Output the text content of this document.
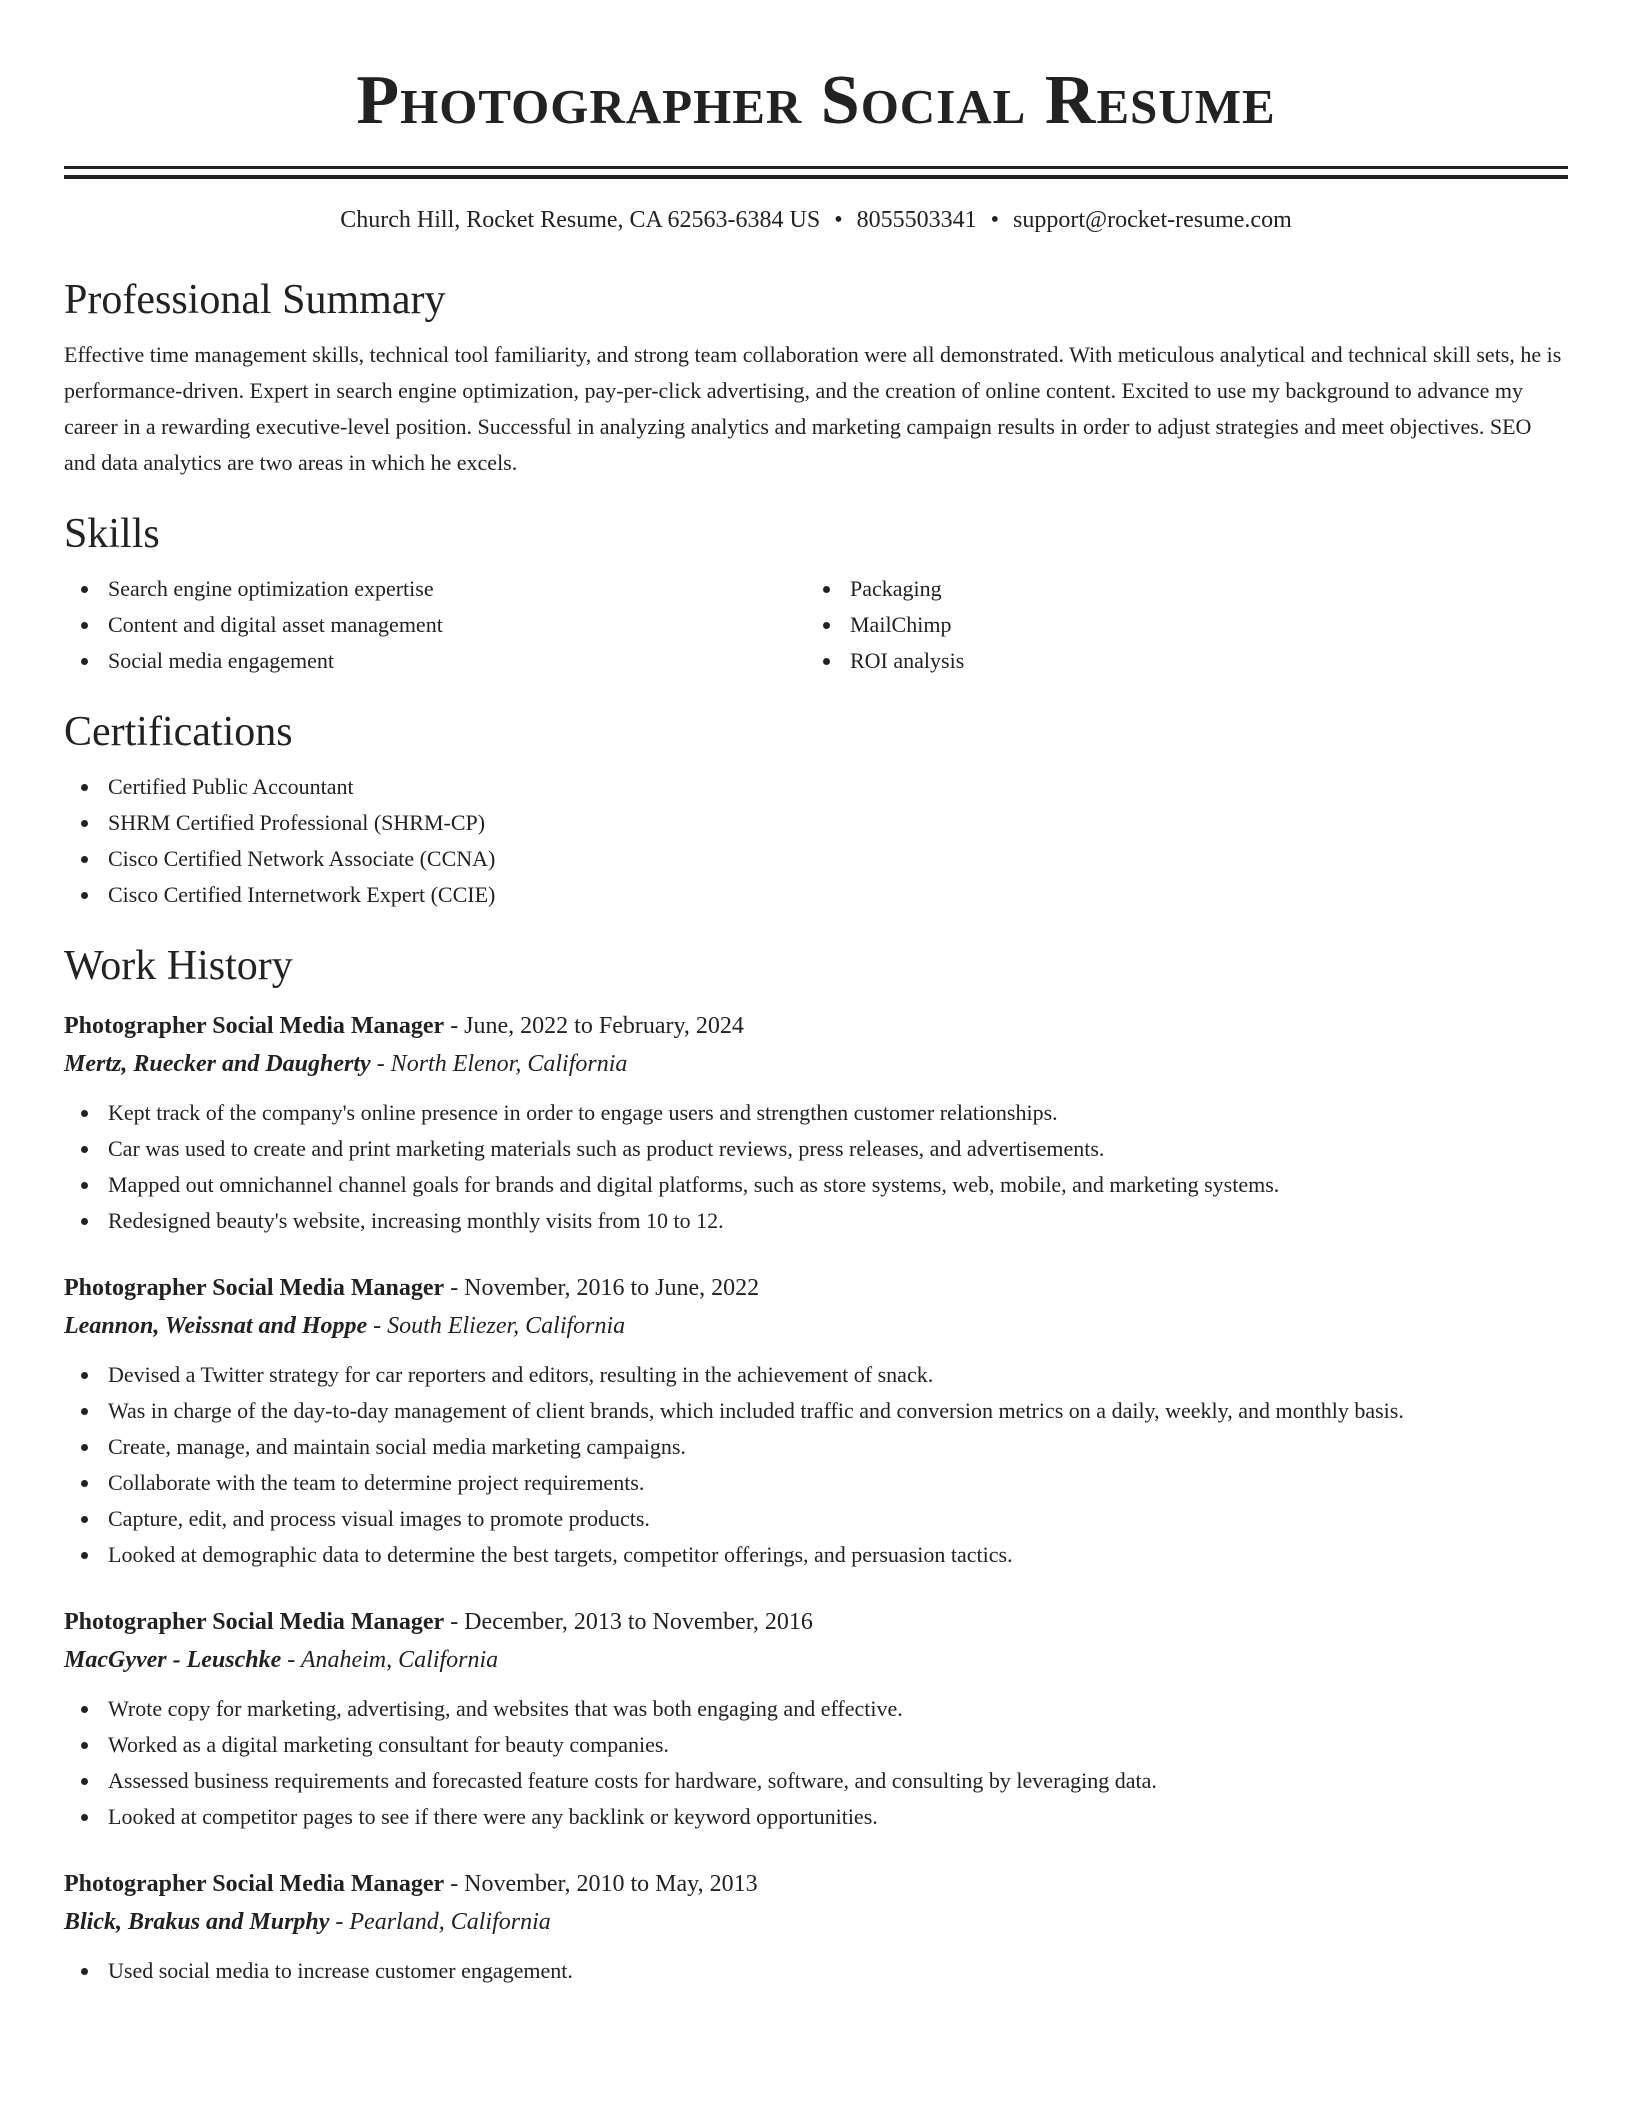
Photographer Social Resume
Church Hill, Rocket Resume, CA 62563-6384 US • 8055503341 • support@rocket-resume.com
Professional Summary
Effective time management skills, technical tool familiarity, and strong team collaboration were all demonstrated. With meticulous analytical and technical skill sets, he is performance-driven. Expert in search engine optimization, pay-per-click advertising, and the creation of online content. Excited to use my background to advance my career in a rewarding executive-level position. Successful in analyzing analytics and marketing campaign results in order to adjust strategies and meet objectives. SEO and data analytics are two areas in which he excels.
Skills
Search engine optimization expertise
Content and digital asset management
Social media engagement
Packaging
MailChimp
ROI analysis
Certifications
Certified Public Accountant
SHRM Certified Professional (SHRM-CP)
Cisco Certified Network Associate (CCNA)
Cisco Certified Internetwork Expert (CCIE)
Work History
Photographer Social Media Manager - June, 2022 to February, 2024
Mertz, Ruecker and Daugherty - North Elenor, California
Kept track of the company's online presence in order to engage users and strengthen customer relationships.
Car was used to create and print marketing materials such as product reviews, press releases, and advertisements.
Mapped out omnichannel channel goals for brands and digital platforms, such as store systems, web, mobile, and marketing systems.
Redesigned beauty's website, increasing monthly visits from 10 to 12.
Photographer Social Media Manager - November, 2016 to June, 2022
Leannon, Weissnat and Hoppe - South Eliezer, California
Devised a Twitter strategy for car reporters and editors, resulting in the achievement of snack.
Was in charge of the day-to-day management of client brands, which included traffic and conversion metrics on a daily, weekly, and monthly basis.
Create, manage, and maintain social media marketing campaigns.
Collaborate with the team to determine project requirements.
Capture, edit, and process visual images to promote products.
Looked at demographic data to determine the best targets, competitor offerings, and persuasion tactics.
Photographer Social Media Manager - December, 2013 to November, 2016
MacGyver - Leuschke - Anaheim, California
Wrote copy for marketing, advertising, and websites that was both engaging and effective.
Worked as a digital marketing consultant for beauty companies.
Assessed business requirements and forecasted feature costs for hardware, software, and consulting by leveraging data.
Looked at competitor pages to see if there were any backlink or keyword opportunities.
Photographer Social Media Manager - November, 2010 to May, 2013
Blick, Brakus and Murphy - Pearland, California
Used social media to increase customer engagement.
